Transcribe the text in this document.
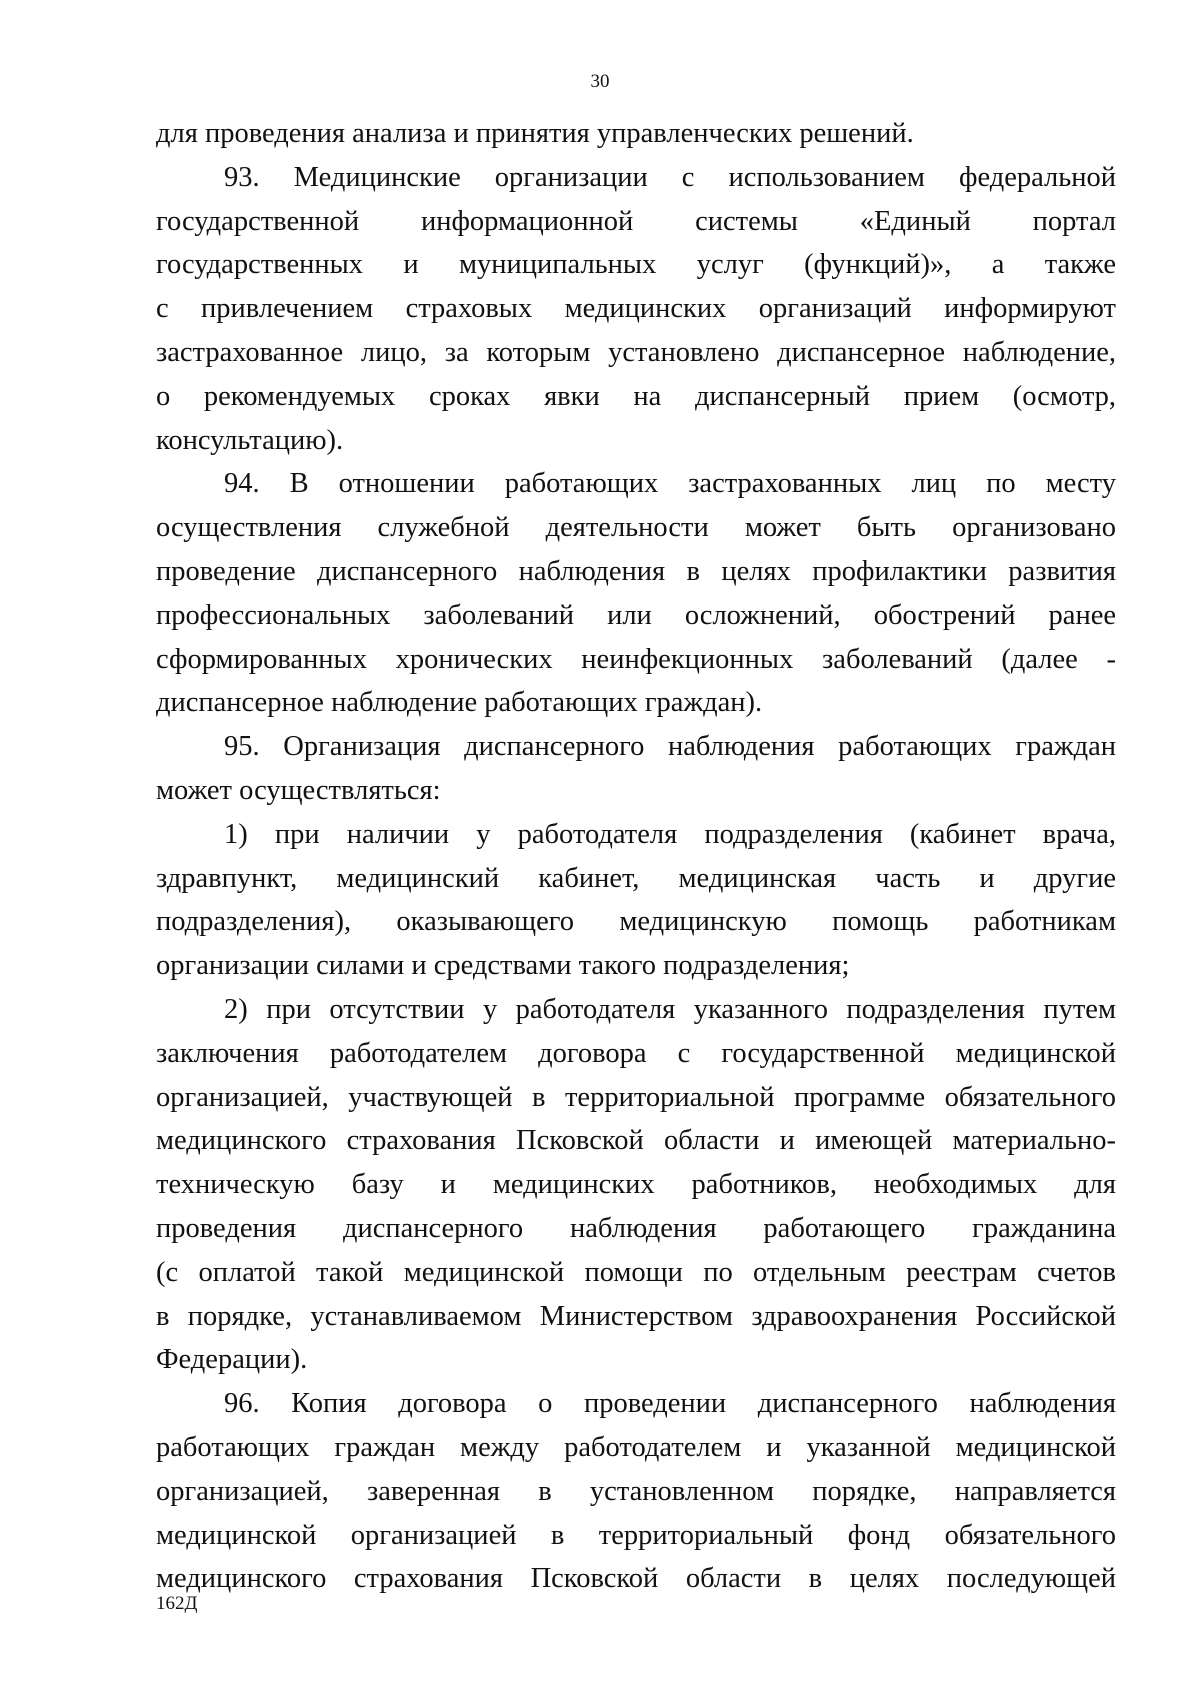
30
для проведения анализа и принятия управленческих решений.
93. Медицинские организации с использованием федеральной
государственной информационной системы «Единый портал
государственных и муниципальных услуг (функций)», а также
с привлечением страховых медицинских организаций информируют
застрахованное лицо, за которым установлено диспансерное наблюдение,
о рекомендуемых сроках явки на диспансерный прием (осмотр,
консультацию).
94. В отношении работающих застрахованных лиц по месту
осуществления служебной деятельности может быть организовано
проведение диспансерного наблюдения в целях профилактики развития
профессиональных заболеваний или осложнений, обострений ранее
сформированных хронических неинфекционных заболеваний (далее -
диспансерное наблюдение работающих граждан).
95. Организация диспансерного наблюдения работающих граждан
может осуществляться:
1) при наличии у работодателя подразделения (кабинет врача,
здравпункт, медицинский кабинет, медицинская часть и другие
подразделения), оказывающего медицинскую помощь работникам
организации силами и средствами такого подразделения;
2) при отсутствии у работодателя указанного подразделения путем
заключения работодателем договора с государственной медицинской
организацией, участвующей в территориальной программе обязательного
медицинского страхования Псковской области и имеющей материально-
техническую базу и медицинских работников, необходимых для
проведения диспансерного наблюдения работающего гражданина
(с оплатой такой медицинской помощи по отдельным реестрам счетов
в порядке, устанавливаемом Министерством здравоохранения Российской
Федерации).
96. Копия договора о проведении диспансерного наблюдения
работающих граждан между работодателем и указанной медицинской
организацией, заверенная в установленном порядке, направляется
медицинской организацией в территориальный фонд обязательного
медицинского страхования Псковской области в целях последующей
162Д
